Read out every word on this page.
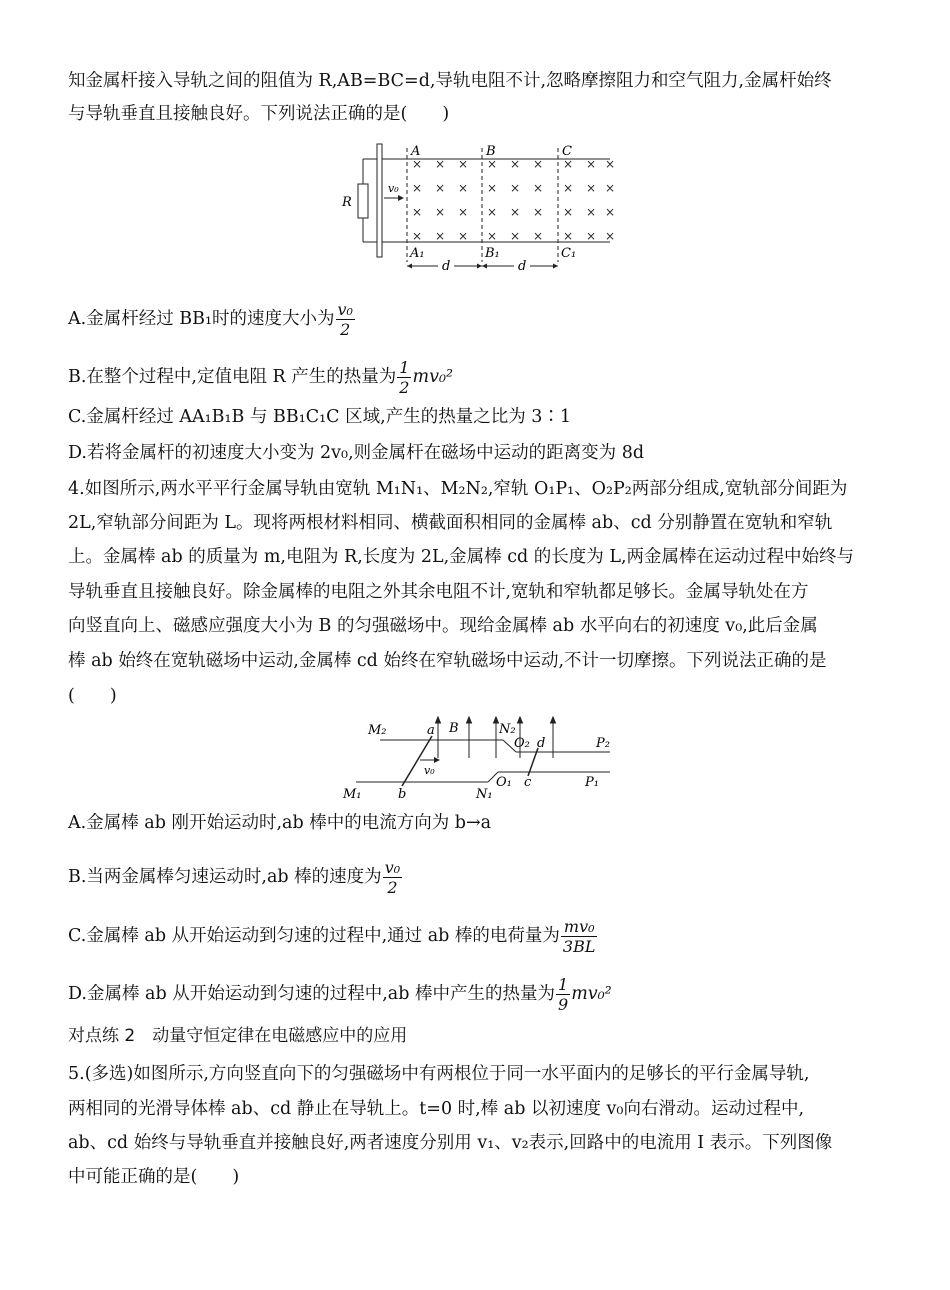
知金属杆接入导轨之间的阻值为 R,AB=BC=d,导轨电阻不计,忽略摩擦阻力和空气阻力,金属杆始终
与导轨垂直且接触良好。下列说法正确的是(　　)
R
v₀
A	B	C
A₁	B₁	C₁
d	d
× × × × × × × × ×
× × × × × × × × ×
× × × × × × × × ×
× × × × × × × × ×
A.金属杆经过 BB₁时的速度大小为 $\frac{\text{v₀}}{2}$
B.在整个过程中,定值电阻 R 产生的热量为 $\frac{1}{2} mv_0^2$
C.金属杆经过 AA₁B₁B 与 BB₁C₁C 区域,产生的热量之比为 3∶1
D.若将金属杆的初速度大小变为 2v₀,则金属杆在磁场中运动的距离变为 8d
4.如图所示,两水平平行金属导轨由宽轨 M₁N₁、M₂N₂,窄轨 O₁P₁、O₂P₂两部分组成,宽轨部分间距为
2L,窄轨部分间距为 L。现将两根材料相同、横截面积相同的金属棒 ab、cd 分别静置在宽轨和窄轨
上。金属棒 ab 的质量为 m,电阻为 R,长度为 2L,金属棒 cd 的长度为 L,两金属棒在运动过程中始终与
导轨垂直且接触良好。除金属棒的电阻之外其余电阻不计,宽轨和窄轨都足够长。金属导轨处在方
向竖直向上、磁感应强度大小为 B 的匀强磁场中。现给金属棒 ab 水平向右的初速度 v₀,此后金属
棒 ab 始终在宽轨磁场中运动,金属棒 cd 始终在窄轨磁场中运动,不计一切摩擦。下列说法正确的是
(　　)
v₀
M₂
M₁
a
b
B	N₂
N₁
O₂
O₁
d
c
P₂
P₁
A.金属棒 ab 刚开始运动时,ab 棒中的电流方向为 b→a
B.当两金属棒匀速运动时,ab 棒的速度为 $\frac{\text{v₀}}{2}$
C.金属棒 ab 从开始运动到匀速的过程中,通过 ab 棒的电荷量为 $\frac{\text{mv₀}}{3BL}$
D.金属棒 ab 从开始运动到匀速的过程中,ab 棒中产生的热量为 $\frac{1}{9} mv_0^2$
对点练 2　动量守恒定律在电磁感应中的应用
5.(多选)如图所示,方向竖直向下的匀强磁场中有两根位于同一水平面内的足够长的平行金属导轨,
两相同的光滑导体棒 ab、cd 静止在导轨上。t=0 时,棒 ab 以初速度 v₀向右滑动。运动过程中,
ab、cd 始终与导轨垂直并接触良好,两者速度分别用 v₁、v₂表示,回路中的电流用 I 表示。下列图像
中可能正确的是(　　)
